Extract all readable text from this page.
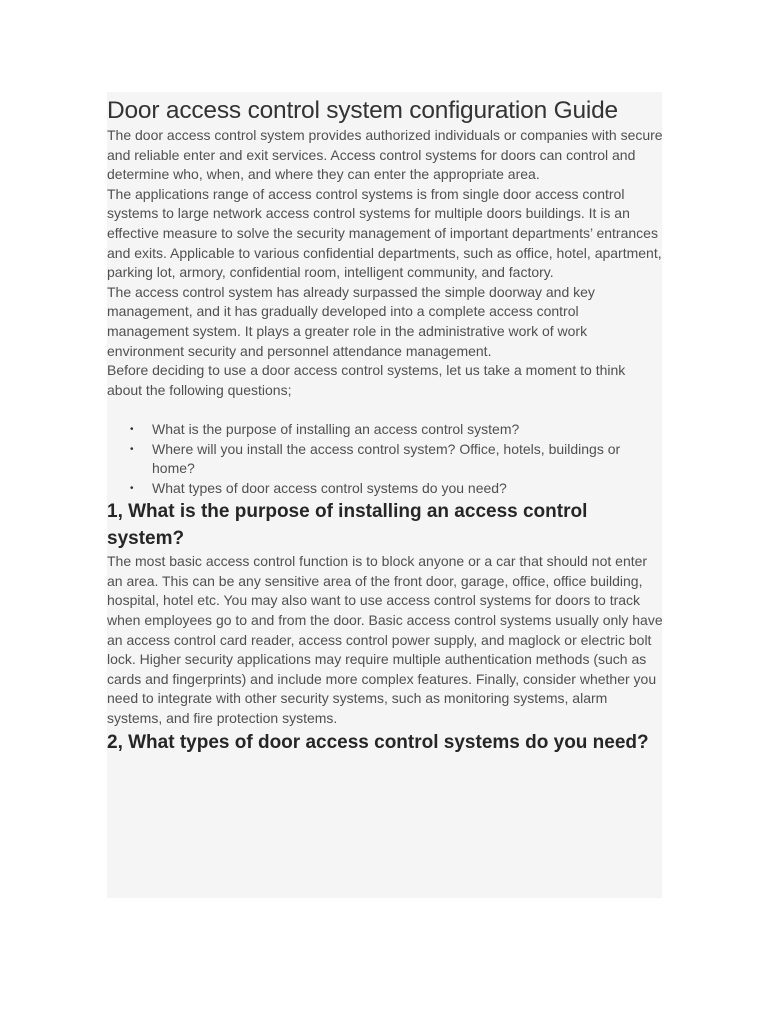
Door access control system configuration Guide

The door access control system provides authorized individuals or companies with secure and reliable enter and exit services. Access control systems for doors can control and determine who, when, and where they can enter the appropriate area.

The applications range of access control systems is from single door access control systems to large network access control systems for multiple doors buildings. It is an effective measure to solve the security management of important departments’ entrances and exits. Applicable to various confidential departments, such as office, hotel, apartment, parking lot, armory, confidential room, intelligent community, and factory.

The access control system has already surpassed the simple doorway and key management, and it has gradually developed into a complete access control management system. It plays a greater role in the administrative work of work environment security and personnel attendance management.

Before deciding to use a door access control systems, let us take a moment to think about the following questions;

• What is the purpose of installing an access control system?
• Where will you install the access control system? Office, hotels, buildings or home?
• What types of door access control systems do you need?
1, What is the purpose of installing an access control system?

The most basic access control function is to block anyone or a car that should not enter an area. This can be any sensitive area of the front door, garage, office, office building, hospital, hotel etc. You may also want to use access control systems for doors to track when employees go to and from the door. Basic access control systems usually only have an access control card reader, access control power supply, and maglock or electric bolt lock. Higher security applications may require multiple authentication methods (such as cards and fingerprints) and include more complex features. Finally, consider whether you need to integrate with other security systems, such as monitoring systems, alarm systems, and fire protection systems.

2, What types of door access control systems do you need?
